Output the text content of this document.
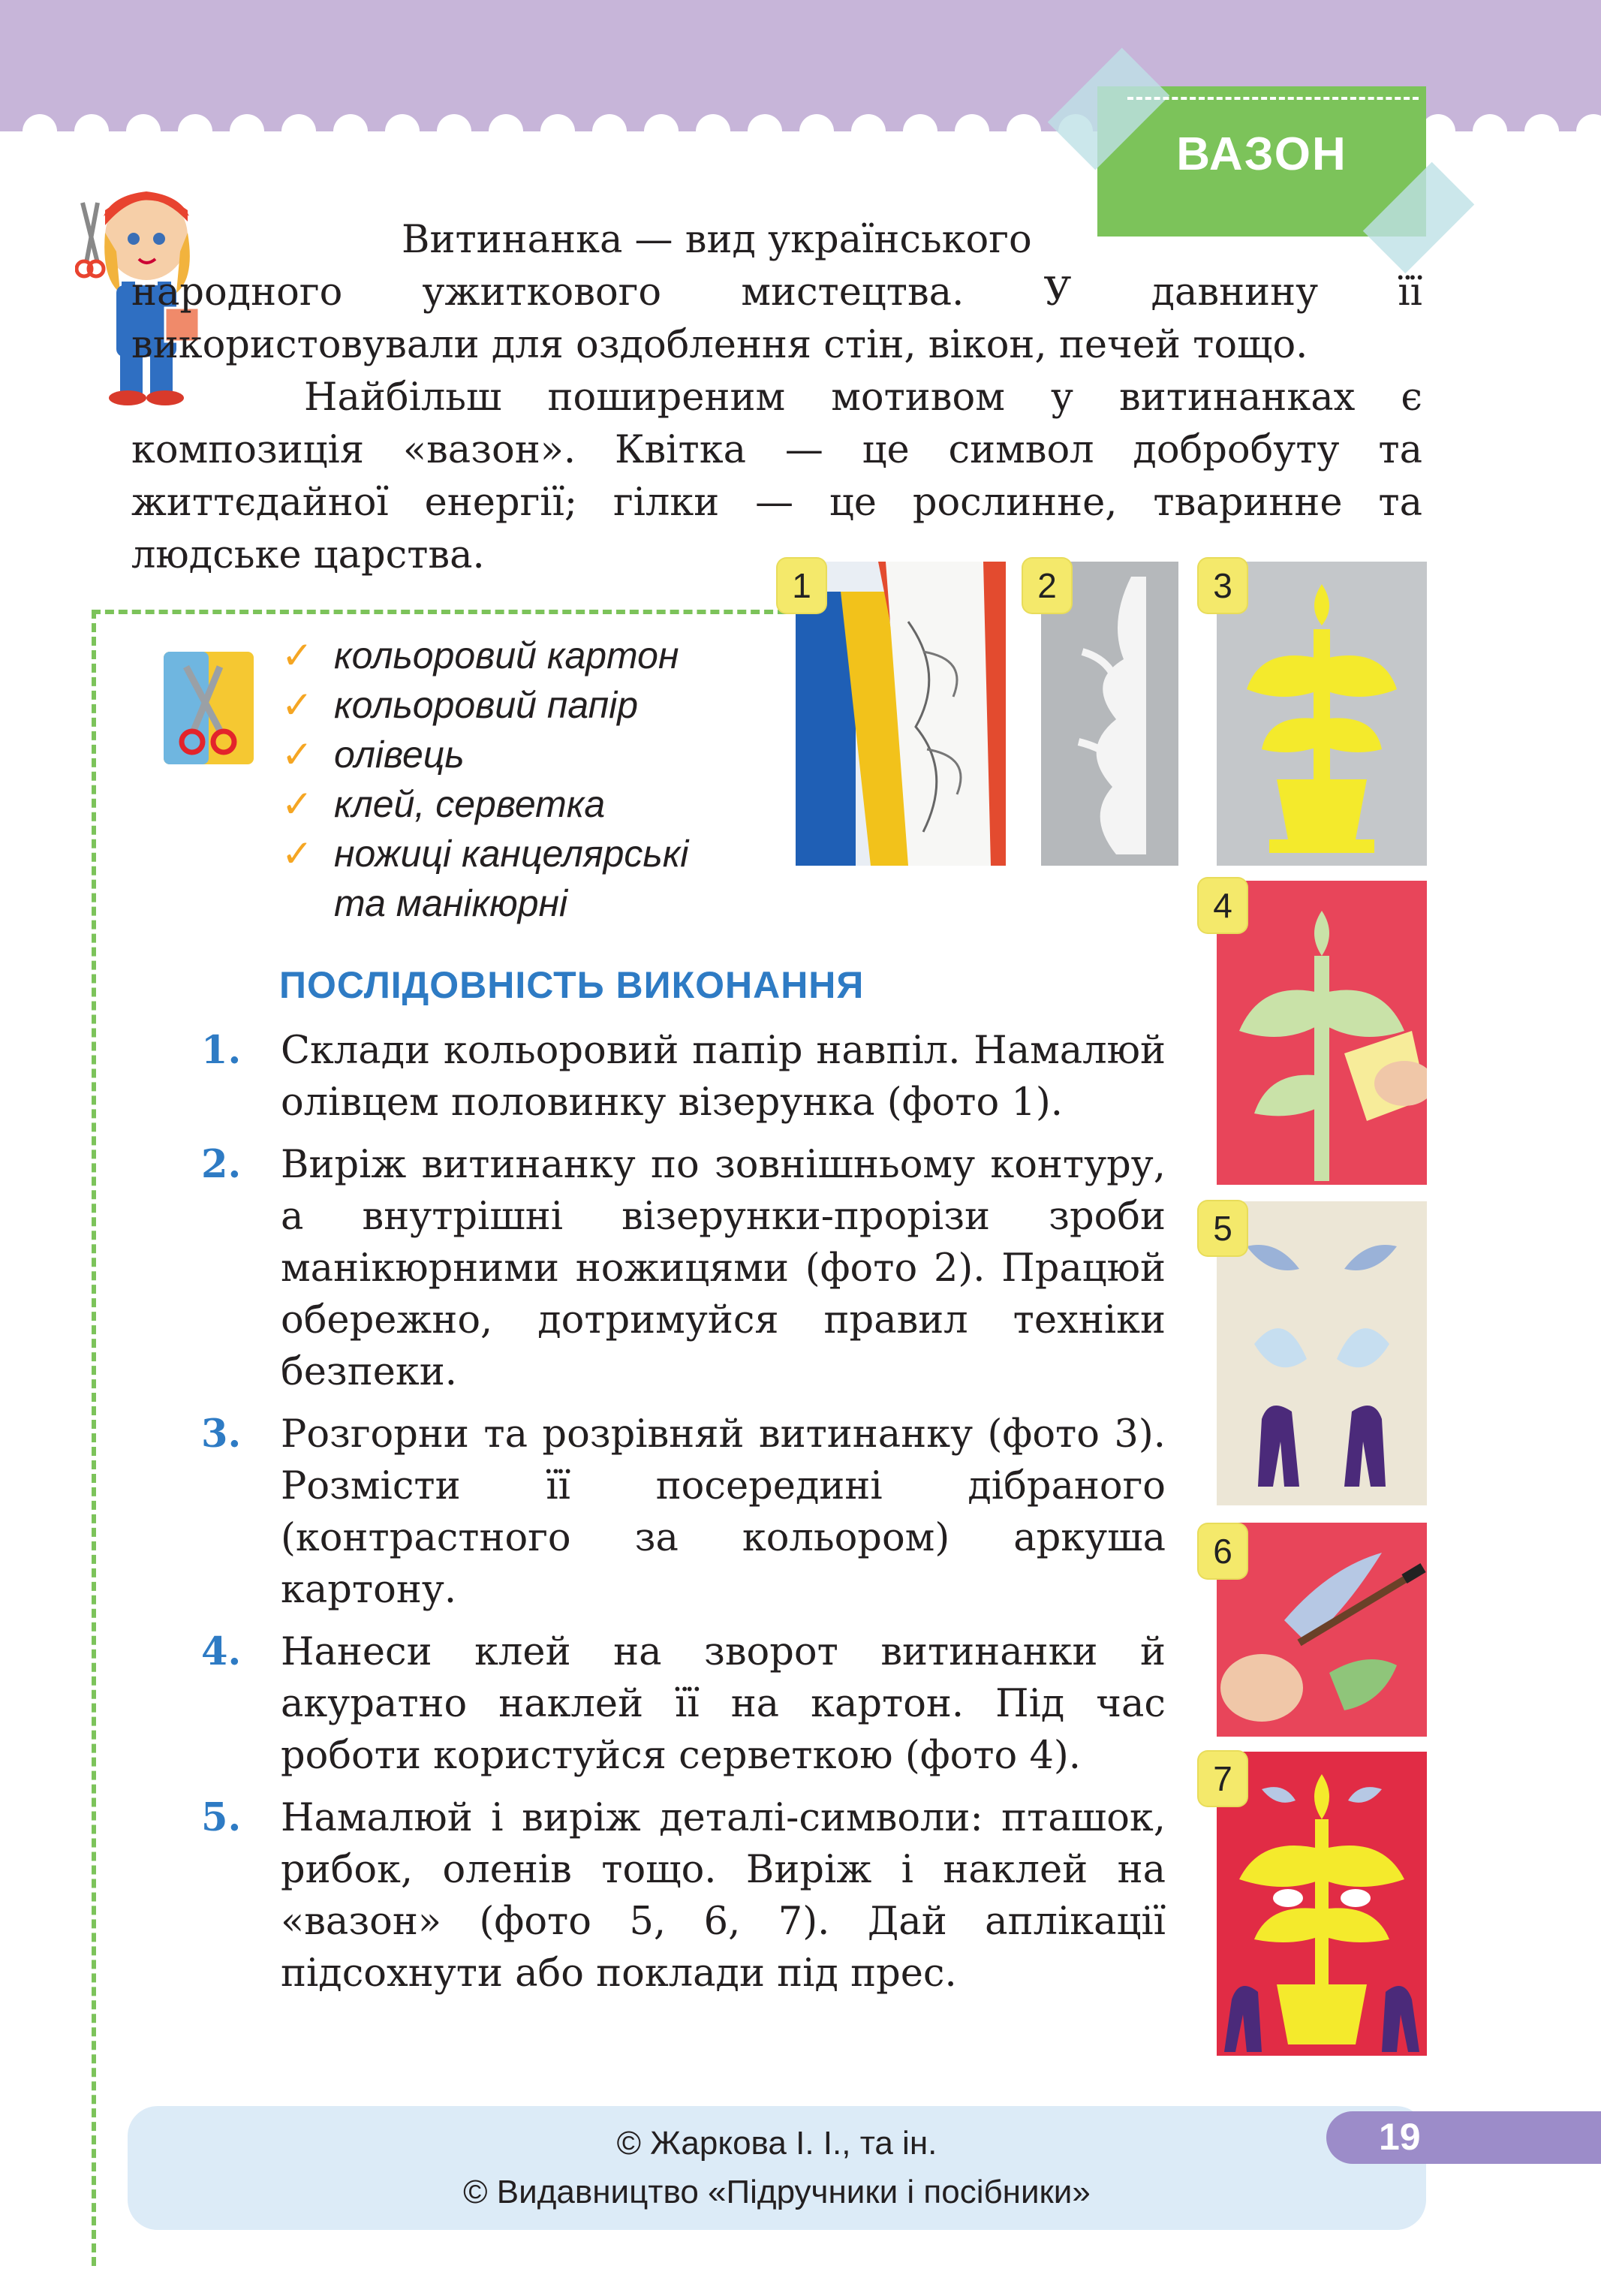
ВАЗОН

Витинанка — вид українського

народного ужиткового мистецтва. У давнину її використовували для оздоблення стін, вікон, печей тощо.

Найбільш поширеним мотивом у витинанках є композиція «вазон». Квітка — це символ добробуту та життєдайної енергії; гілки — це рослинне, тваринне та людське царства.

✓ кольоровий картон
✓ кольоровий папір
✓ олівець
✓ клей, серветка
✓ ножиці канцелярські
та манікюрні
ПОСЛІДОВНІСТЬ ВИКОНАННЯ
1. Склади кольоровий папір навпіл. Намалюй олівцем половинку візерунка (фото 1).
2. Виріж витинанку по зовнішньому контуру, а внутрішні візерунки-прорізи зроби манікюрними ножицями (фото 2). Працюй обережно, дотримуйся правил техніки безпеки.
3. Розгорни та розрівняй витинанку (фото 3). Розмісти її посередині дібраного (контрастного за кольором) аркуша картону.
4. Нанеси клей на зворот витинанки й акуратно наклей її на картон. Під час роботи користуйся серветкою (фото 4).
5. Намалюй і виріж деталі-символи: пташок, рибок, оленів тощо. Виріж і наклей на «вазон» (фото 5, 6, 7). Дай аплікації підсохнути або поклади під прес.
1	2	3
4
5
6
7
© Жаркова І. І., та ін.
© Видавництво «Підручники і посібники»
19
